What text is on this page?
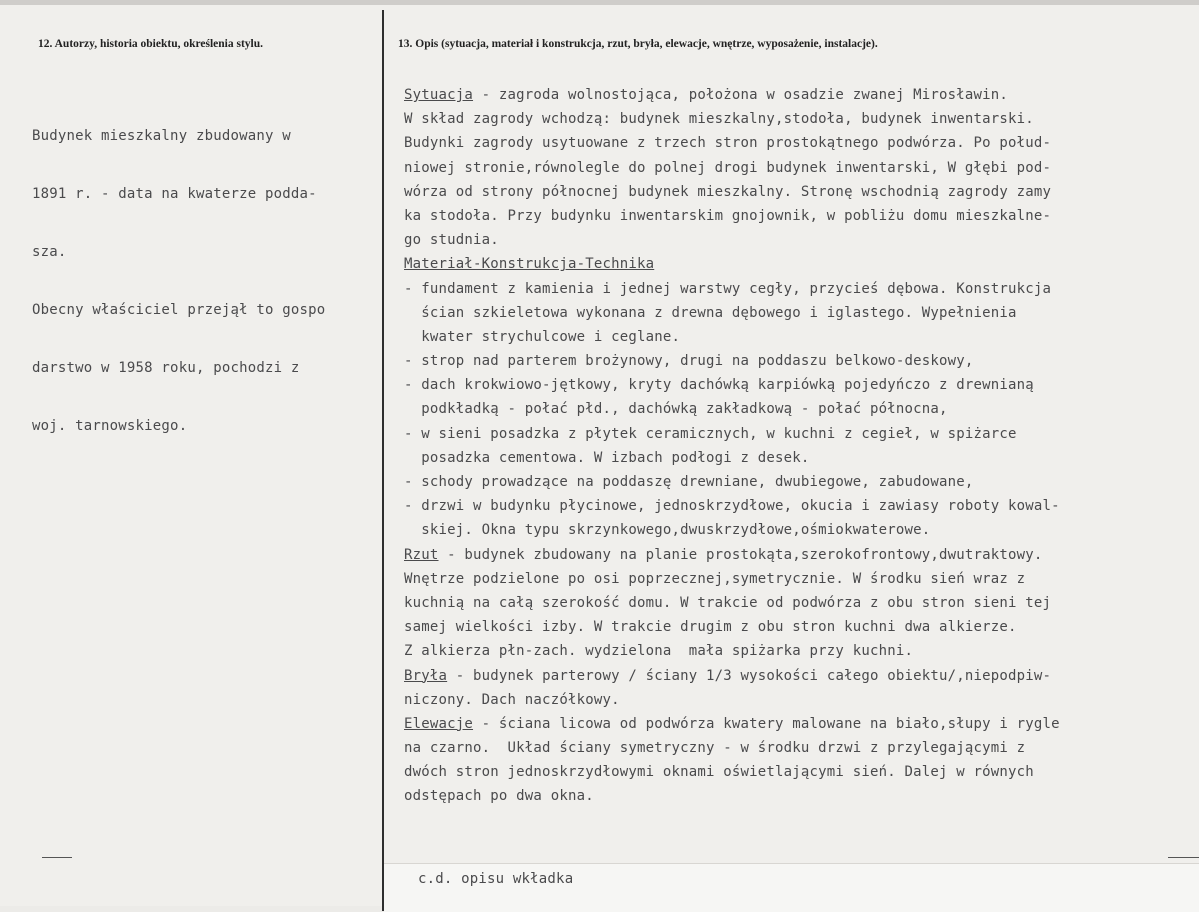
12. Autorzy, historia obiektu, określenia stylu.	13. Opis (sytuacja, materiał i konstrukcja, rzut, bryła, elewacje, wnętrze, wyposażenie, instalacje).

Budynek mieszkalny zbudowany w

1891 r. - data na kwaterze podda-

sza.

Obecny właściciel przejął to gospo

darstwo w 1958 roku, pochodzi z

woj. tarnowskiego.

Sytuacja - zagroda wolnostojąca, położona w osadzie zwanej Mirosławin.
W skład zagrody wchodzą: budynek mieszkalny,stodoła, budynek inwentarski.
Budynki zagrody usytuowane z trzech stron prostokątnego podwórza. Po połud-
niowej stronie,równolegle do polnej drogi budynek inwentarski, W głębi pod-
wórza od strony północnej budynek mieszkalny. Stronę wschodnią zagrody zamy
ka stodoła. Przy budynku inwentarskim gnojownik, w pobliżu domu mieszkalne-
go studnia.
Materiał-Konstrukcja-Technika
- fundament z kamienia i jednej warstwy cegły, przycieś dębowa. Konstrukcja
ścian szkieletowa wykonana z drewna dębowego i iglastego. Wypełnienia
kwater strychulcowe i ceglane.
- strop nad parterem brożynowy, drugi na poddaszu belkowo-deskowy,
- dach krokwiowo-jętkowy, kryty dachówką karpiówką pojedyńczo z drewnianą
podkładką - połać płd., dachówką zakładkową - połać północna,
- w sieni posadzka z płytek ceramicznych, w kuchni z cegieł, w spiżarce
posadzka cementowa. W izbach podłogi z desek.
- schody prowadzące na poddaszę drewniane, dwubiegowe, zabudowane,
- drzwi w budynku płycinowe, jednoskrzydłowe, okucia i zawiasy roboty kowal-
skiej. Okna typu skrzynkowego,dwuskrzydłowe,ośmiokwaterowe.
Rzut - budynek zbudowany na planie prostokąta,szerokofrontowy,dwutraktowy.
Wnętrze podzielone po osi poprzecznej,symetrycznie. W środku sień wraz z
kuchnią na całą szerokość domu. W trakcie od podwórza z obu stron sieni tej
samej wielkości izby. W trakcie drugim z obu stron kuchni dwa alkierze.
Z alkierza płn-zach. wydzielona  mała spiżarka przy kuchni.
Bryła - budynek parterowy / ściany 1/3 wysokości całego obiektu/,niepodpiw-
niczony. Dach naczółkowy.
Elewacje - ściana licowa od podwórza kwatery malowane na biało,słupy i rygle
na czarno.  Układ ściany symetryczny - w środku drzwi z przylegającymi z
dwóch stron jednoskrzydłowymi oknami oświetlającymi sień. Dalej w równych
odstępach po dwa okna.
c.d. opisu wkładka
